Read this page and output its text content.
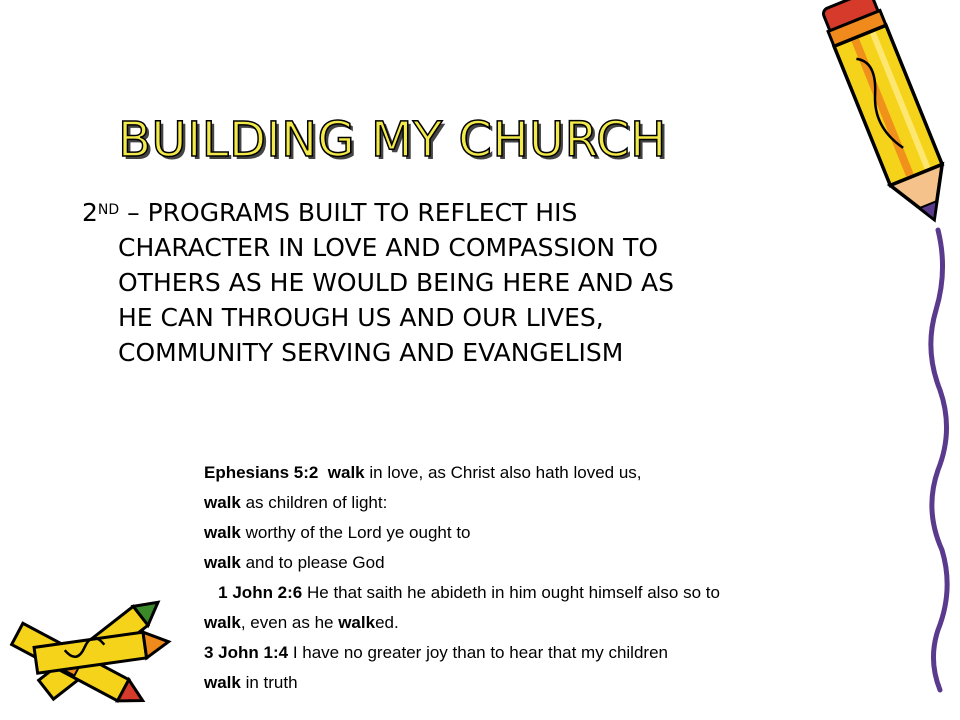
BUILDING MY CHURCH
2ND – PROGRAMS BUILT TO REFLECT HIS
CHARACTER IN LOVE AND COMPASSION TO
OTHERS AS HE WOULD BEING HERE AND AS
HE CAN THROUGH US AND OUR LIVES,
COMMUNITY SERVING AND EVANGELISM
Ephesians 5:2 walk in love, as Christ also hath loved us,
walk as children of light:
walk worthy of the Lord ye ought to
walk and to please God
1 John 2:6 He that saith he abideth in him ought himself also so to
walk, even as he walked.
3 John 1:4 I have no greater joy than to hear that my children
walk in truth
